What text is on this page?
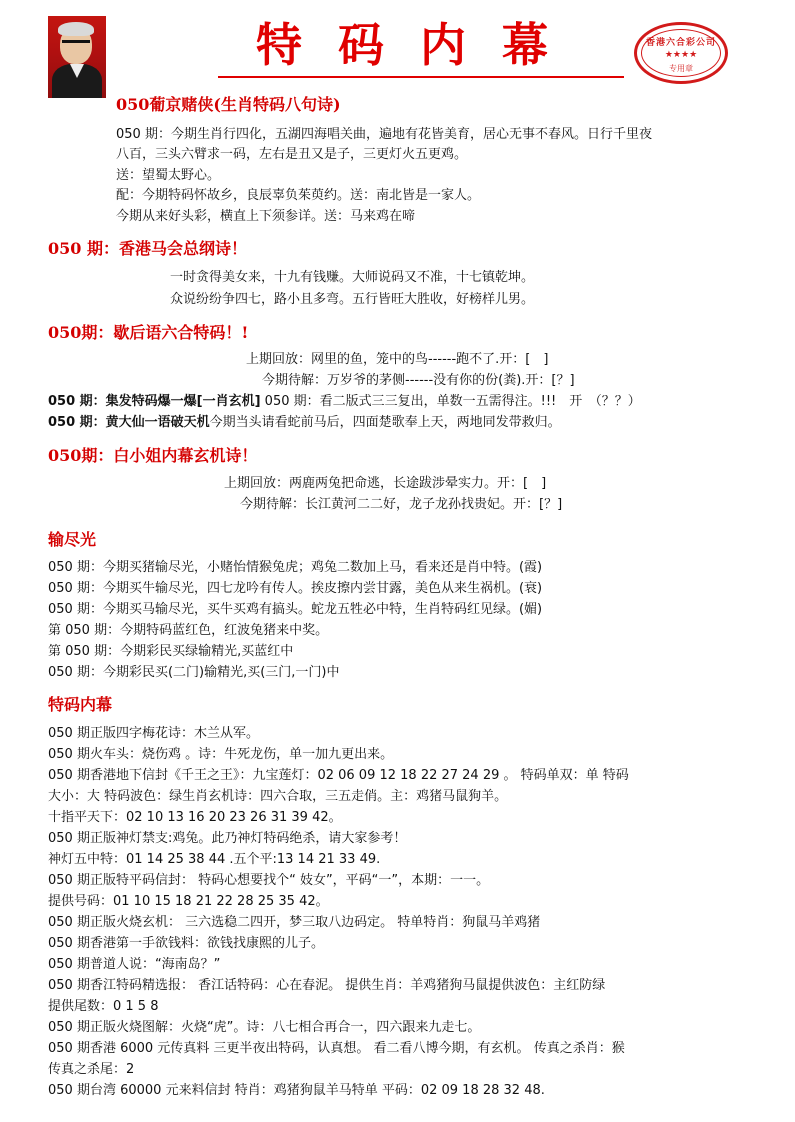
特码内幕	香港六合彩公司
★★★★
专用章
050葡京赌侠(生肖特码八句诗)
050 期：今期生肖行四化，五湖四海唱关曲，遍地有花皆美育，居心无事不春风。日行千里夜
八百，三头六臂求一码，左右是丑又是子，三更灯火五更鸡。
送：望蜀太野心。
配：今期特码怀故乡，良辰辜负茱萸约。送：南北皆是一家人。
今期从来好头彩，横直上下须参详。送：马来鸡在啼
050 期：香港马会总纲诗！
一时贪得美女来，十九有钱赚。大师说码又不准，十七镇乾坤。
众说纷纷争四七，路小且多弯。五行皆旺大胜收，好榜样儿男。
050期：歇后语六合特码！!
上期回放：网里的鱼，笼中的鸟------跑不了.开：[　]
今期待解：万岁爷的茅侧------没有你的份(粪).开：[？]
050 期：集发特码爆一爆[一肖玄机] 050 期：看二版式三三复出，单数一五需得注。!!!　开　（？？）
050 期：黄大仙一语破天机今期当头请看蛇前马后，四面楚歌奉上天，两地同发带救归。
050期：白小姐内幕玄机诗！
上期回放：两鹿两兔把命逃，长途跋涉晕实力。开：[　]
今期待解：长江黄河二二好，龙子龙孙找贵妃。开：[？]
输尽光
050 期：今期买猪输尽光，小赌怡情猴兔虎；鸡兔二数加上马，看来还是肖中特。(霞)
050 期：今期买牛输尽光，四七龙吟有传人。挨皮擦内尝甘露，美色从来生祸机。(衰)
050 期：今期买马输尽光，买牛买鸡有搞头。蛇龙五牲必中特，生肖特码红见绿。(媚)
第 050 期：今期特码蓝红色，红波兔猪来中奖。
第 050 期：今期彩民买绿输精光,买蓝红中
050 期：今期彩民买(二门)输精光,买(三门,一门)中
特码内幕
050 期正版四字梅花诗：木兰从军。
050 期火车头：烧伤鸡 。诗：牛死龙伤，单一加九更出来。
050 期香港地下信封《千王之王》：九宝莲灯：02 06 09 12 18 22 27 24 29 。 特码单双：单 特码
大小：大 特码波色：绿生肖玄机诗：四六合取，三五走俏。主：鸡猪马鼠狗羊。
十指平天下：02 10 13 16 20 23 26 31 39 42。
050 期正版神灯禁支:鸡兔。此乃神灯特码绝杀，请大家参考！
神灯五中特：01 14 25 38 44 .五个平:13 14 21 33 49.
050 期正版特平码信封： 特码心想要找个“ 妓女”，平码“一”，本期：一一。
提供号码：01 10 15 18 21 22 28 25 35 42。
050 期正版火烧玄机： 三六选稳二四开，梦三取八边码定。 特单特肖：狗鼠马羊鸡猪
050 期香港第一手欲钱料：欲钱找康熙的儿子。
050 期普道人说：“海南岛？”
050 期香江特码精选报： 香江话特码：心在春泥。 提供生肖：羊鸡猪狗马鼠提供波色：主红防绿
提供尾数：0 1 5 8
050 期正版火烧图解：火烧“虎”。诗：八七相合再合一，四六跟来九走七。
050 期香港 6000 元传真料 三更半夜出特码，认真想。 看二看八博今期，有玄机。 传真之杀肖：猴
传真之杀尾：2
050 期台湾 60000 元来料信封 特肖：鸡猪狗鼠羊马特单 平码：02 09 18 28 32 48.
